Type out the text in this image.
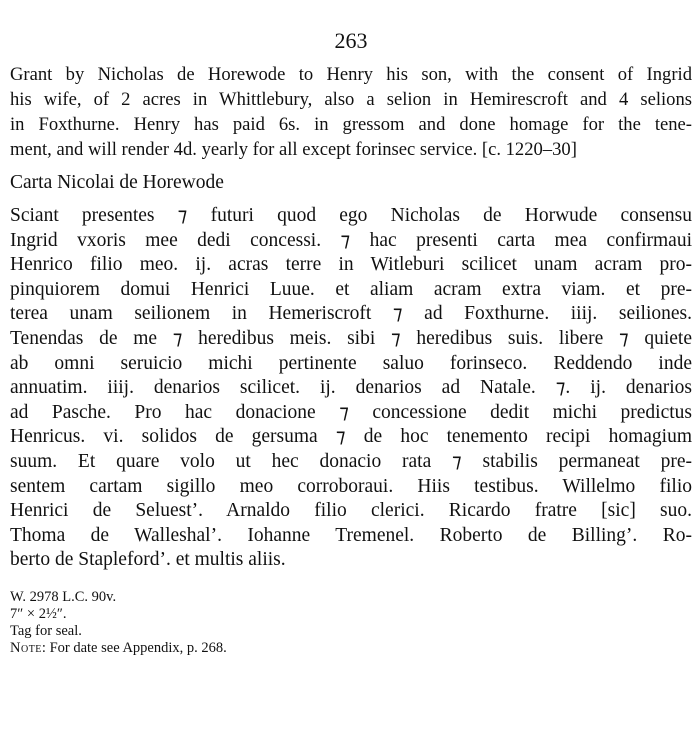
263
Grant by Nicholas de Horewode to Henry his son, with the consent of Ingrid
his wife, of 2 acres in Whittlebury, also a selion in Hemirescroft and 4 selions
in Foxthurne. Henry has paid 6s. in gressom and done homage for the tene-
ment, and will render 4d. yearly for all except forinsec service. [c. 1220–30]
Carta Nicolai de Horewode
Sciant presentes ⁊ futuri quod ego Nicholas de Horwude consensu
Ingrid vxoris mee dedi concessi. ⁊ hac presenti carta mea confirmaui
Henrico filio meo. ij. acras terre in Witleburi scilicet unam acram pro-
pinquiorem domui Henrici Luue. et aliam acram extra viam. et pre-
terea unam seilionem in Hemeriscroft ⁊ ad Foxthurne. iiij. seiliones.
Tenendas de me ⁊ heredibus meis. sibi ⁊ heredibus suis. libere ⁊ quiete
ab omni seruicio michi pertinente saluo forinseco. Reddendo inde
annuatim. iiij. denarios scilicet. ij. denarios ad Natale. ⁊. ij. denarios
ad Pasche. Pro hac donacione ⁊ concessione dedit michi predictus
Henricus. vi. solidos de gersuma ⁊ de hoc tenemento recipi homagium
suum. Et quare volo ut hec donacio rata ⁊ stabilis permaneat pre-
sentem cartam sigillo meo corroboraui. Hiis testibus. Willelmo filio
Henrici de Seluest’. Arnaldo filio clerici. Ricardo fratre [sic] suo.
Thoma de Walleshal’. Iohanne Tremenel. Roberto de Billing’. Ro-
berto de Stapleford’. et multis aliis.
W. 2978 L.C. 90v.
7″ × 2½″.
Tag for seal.
Note: For date see Appendix, p. 268.
